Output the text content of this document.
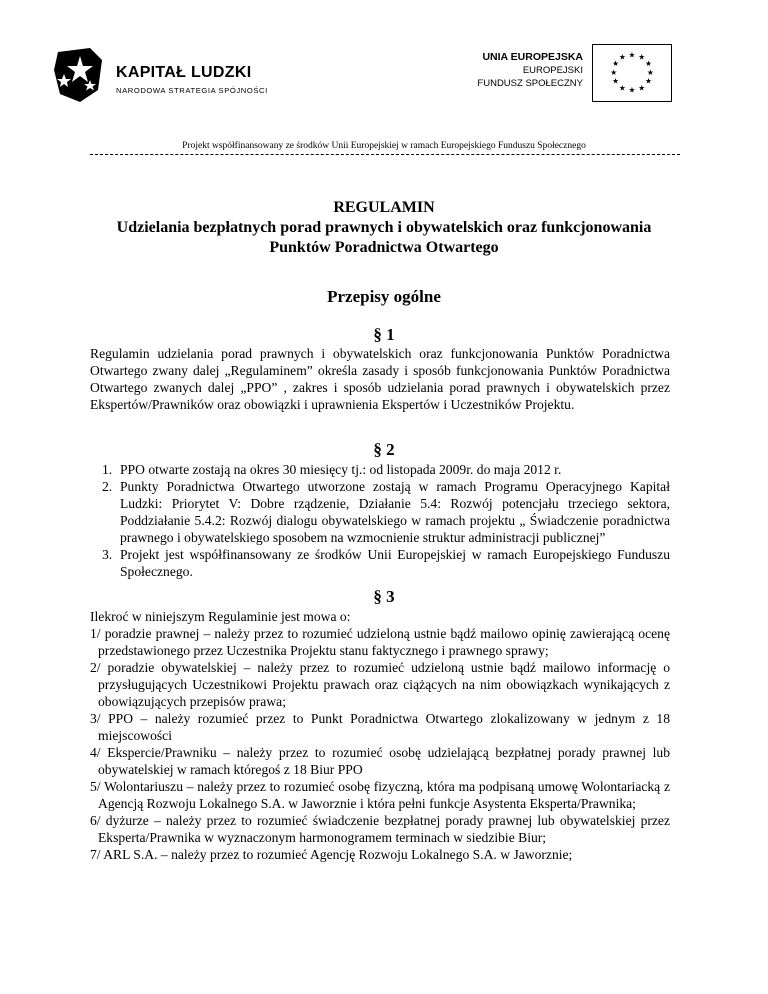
KAPITAŁ LUDZKI
NARODOWA STRATEGIA SPÓJNOŚCI
UNIA EUROPEJSKA
EUROPEJSKI
FUNDUSZ SPOŁECZNY
★ ★
★
★
★
★
★
★
★
★
★
★
Projekt współfinansowany ze środków Unii Europejskiej w ramach Europejskiego Funduszu Społecznego
REGULAMIN
Udzielania bezpłatnych porad prawnych i obywatelskich oraz funkcjonowania Punktów Poradnictwa Otwartego
Przepisy ogólne
§ 1
Regulamin udzielania porad prawnych i obywatelskich oraz funkcjonowania Punktów Poradnictwa Otwartego zwany dalej „Regulaminem” określa zasady i sposób funkcjonowania Punktów Poradnictwa Otwartego zwanych dalej „PPO” , zakres i sposób udzielania porad prawnych i obywatelskich przez Ekspertów/Prawników oraz obowiązki i uprawnienia Ekspertów i Uczestników Projektu.
§ 2
1. PPO otwarte zostają na okres 30 miesięcy tj.: od listopada 2009r. do maja 2012 r.
2. Punkty Poradnictwa Otwartego utworzone zostają w ramach Programu Operacyjnego Kapitał Ludzki: Priorytet V: Dobre rządzenie, Działanie 5.4: Rozwój potencjału trzeciego sektora, Poddziałanie 5.4.2: Rozwój dialogu obywatelskiego w ramach projektu „ Świadczenie poradnictwa prawnego i obywatelskiego sposobem na wzmocnienie struktur administracji publicznej”
3. Projekt jest współfinansowany ze środków Unii Europejskiej w ramach Europejskiego Funduszu Społecznego.
§ 3
Ilekroć w niniejszym Regulaminie jest mowa o:
1/ poradzie prawnej – należy przez to rozumieć udzieloną ustnie bądź mailowo opinię zawierającą ocenę przedstawionego przez Uczestnika Projektu stanu faktycznego i prawnego sprawy;
2/ poradzie obywatelskiej – należy przez to rozumieć udzieloną ustnie bądź mailowo informację o przysługujących Uczestnikowi Projektu prawach oraz ciążących na nim obowiązkach wynikających z obowiązujących przepisów prawa;
3/ PPO – należy rozumieć przez to Punkt Poradnictwa Otwartego zlokalizowany w jednym z 18 miejscowości
4/ Ekspercie/Prawniku – należy przez to rozumieć osobę udzielającą bezpłatnej porady prawnej lub obywatelskiej w ramach któregoś z 18 Biur PPO
5/ Wolontariuszu – należy przez to rozumieć osobę fizyczną, która ma podpisaną umowę Wolontariacką z Agencją Rozwoju Lokalnego S.A. w Jaworznie i która pełni funkcje Asystenta Eksperta/Prawnika;
6/ dyżurze – należy przez to rozumieć świadczenie bezpłatnej porady prawnej lub obywatelskiej przez Eksperta/Prawnika w wyznaczonym harmonogramem terminach w siedzibie Biur;
7/ ARL S.A. – należy przez to rozumieć Agencję Rozwoju Lokalnego S.A. w Jaworznie;
